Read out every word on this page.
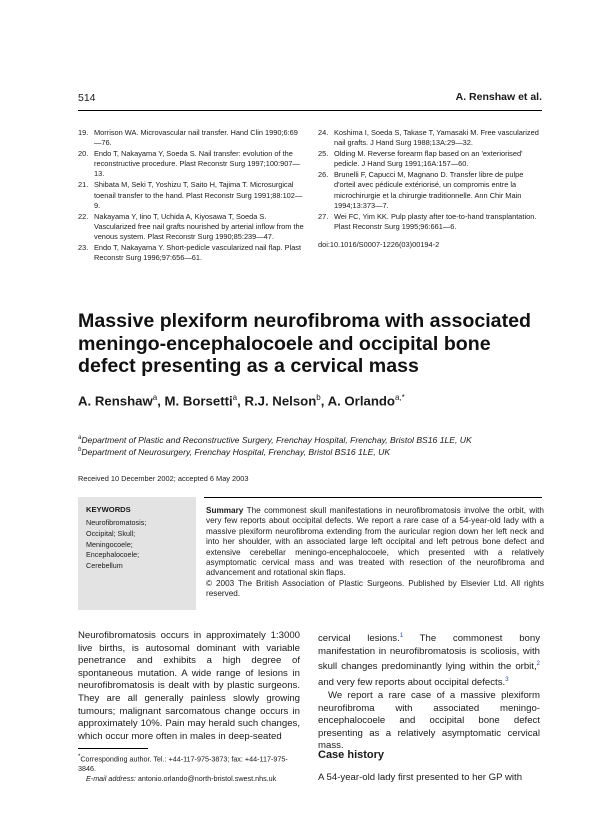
514	A. Renshaw et al.
19. Morrison WA. Microvascular nail transfer. Hand Clin 1990;6:69—76.
20. Endo T, Nakayama Y, Soeda S. Nail transfer: evolution of the reconstructive procedure. Plast Reconstr Surg 1997;100:907—13.
21. Shibata M, Seki T, Yoshizu T, Saito H, Tajima T. Microsurgical toenail transfer to the hand. Plast Reconstr Surg 1991;88:102—9.
22. Nakayama Y, Iino T, Uchida A, Kiyosawa T, Soeda S. Vascularized free nail grafts nourished by arterial inflow from the venous system. Plast Reconstr Surg 1990;85:239—47.
23. Endo T, Nakayama Y. Short-pedicle vascularized nail flap. Plast Reconstr Surg 1996;97:656—61.
24. Koshima I, Soeda S, Takase T, Yamasaki M. Free vascularized nail grafts. J Hand Surg 1988;13A:29—32.
25. Olding M. Reverse forearm flap based on an 'exteriorised' pedicle. J Hand Surg 1991;16A:157—60.
26. Brunelli F, Capucci M, Magnano D. Transfer libre de pulpe d'orteil avec pédicule extériorisé, un compromis entre la microchirurgie et la chirurgie traditionnelle. Ann Chir Main 1994;13:373—7.
27. Wei FC, Yim KK. Pulp plasty after toe-to-hand transplantation. Plast Reconstr Surg 1995;96:661—6.
doi:10.1016/S0007-1226(03)00194-2
Massive plexiform neurofibroma with associated meningo-encephalocoele and occipital bone defect presenting as a cervical mass
A. Renshaw$^a$, M. Borsetti$^a$, R.J. Nelson$^b$, A. Orlando$^{a,*}$
$^a$Department of Plastic and Reconstructive Surgery, Frenchay Hospital, Frenchay, Bristol BS16 1LE, UK
$^b$Department of Neurosurgery, Frenchay Hospital, Frenchay, Bristol BS16 1LE, UK
Received 10 December 2002; accepted 6 May 2003
KEYWORDS
Neurofibromatosis;
Occipital; Skull;
Meningocoele;
Encephalocoele;
Cerebellum
Summary The commonest skull manifestations in neurofibromatosis involve the orbit, with very few reports about occipital defects. We report a rare case of a 54-year-old lady with a massive plexiform neurofibroma extending from the auricular region down her left neck and into her shoulder, with an associated large left occipital and left petrous bone defect and extensive cerebellar meningo-encephalocoele, which presented with a relatively asymptomatic cervical mass and was treated with resection of the neurofibroma and advancement and rotational skin flaps.
© 2003 The British Association of Plastic Surgeons. Published by Elsevier Ltd. All rights reserved.

Neurofibromatosis occurs in approximately 1:3000 live births, is autosomal dominant with variable penetrance and exhibits a high degree of spontaneous mutation. A wide range of lesions in neurofibromatosis is dealt with by plastic surgeons. They are all generally painless slowly growing tumours; malignant sarcomatous change occurs in approximately 10%. Pain may herald such changes, which occur more often in males in deep-seated

cervical lesions.$^1$ The commonest bony manifestation in neurofibromatosis is scoliosis, with skull changes predominantly lying within the orbit,$^2$ and very few reports about occipital defects.$^3$

We report a rare case of a massive plexiform neurofibroma with associated meningo-encephalocoele and occipital bone defect presenting as a relatively asymptomatic cervical mass.

Case history
A 54-year-old lady first presented to her GP with
*Corresponding author. Tel.: +44-117-975-3873; fax: +44-117-975-3846.
E-mail address: antonio.orlando@north-bristol.swest.nhs.uk
